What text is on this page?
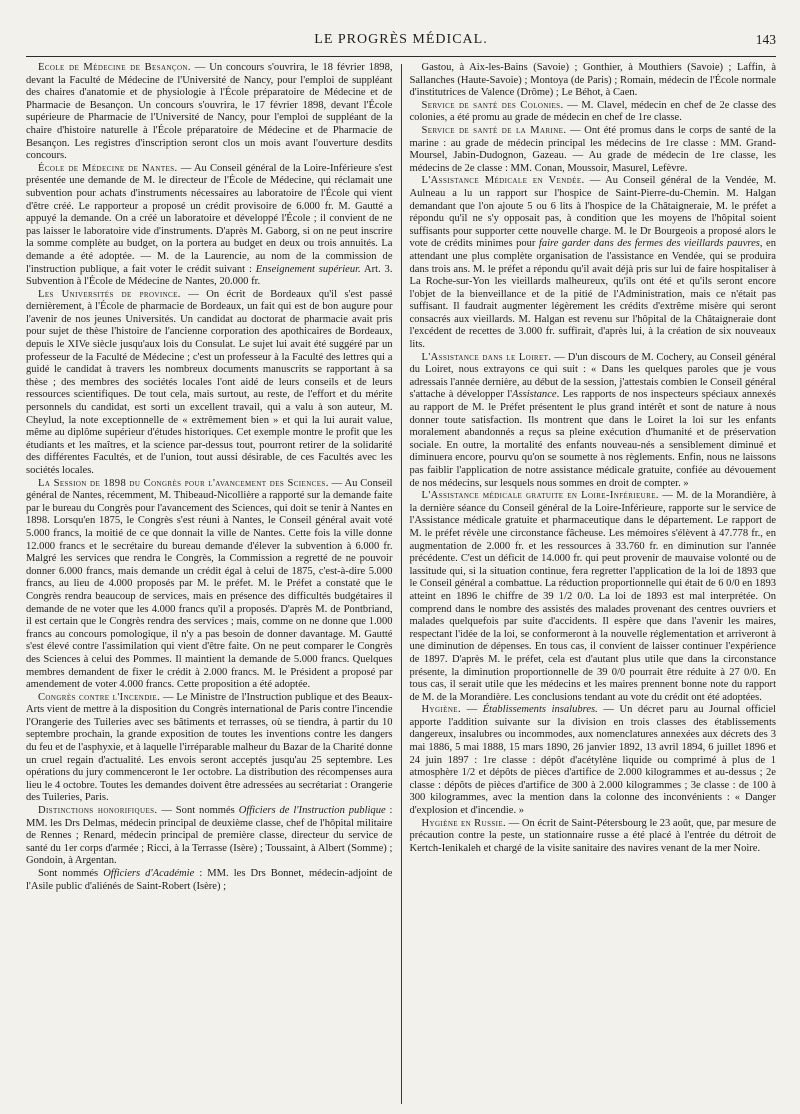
LE PROGRÈS MÉDICAL.	143

École de Médecine de Besançon. — Un concours s'ouvrira, le 18 février 1898, devant la Faculté de Médecine de l'Université de Nancy, pour l'emploi de suppléant des chaires d'anatomie et de physiologie à l'École préparatoire de Médecine et de Pharmacie de Besançon. Un concours s'ouvrira, le 17 février 1898, devant l'École supérieure de Pharmacie de l'Université de Nancy, pour l'emploi de suppléant de la chaire d'histoire naturelle à l'École préparatoire de Médecine et de Pharmacie de Besançon. Les registres d'inscription seront clos un mois avant l'ouverture desdits concours.

École de Médecine de Nantes. — Au Conseil général de la Loire-Inférieure s'est présentée une demande de M. le directeur de l'École de Médecine, qui réclamait une subvention pour achats d'instruments nécessaires au laboratoire de l'École qui vient d'être créé. Le rapporteur a proposé un crédit provisoire de 6.000 fr. M. Gautté a appuyé la demande. On a créé un laboratoire et développé l'École ; il convient de ne pas laisser le laboratoire vide d'instruments. D'après M. Gaborg, si on ne peut inscrire la somme complète au budget, on la portera au budget en deux ou trois annuités. La demande a été adoptée. — M. de la Laurencie, au nom de la commission de l'instruction publique, a fait voter le crédit suivant : Enseignement supérieur. Art. 3. Subvention à l'École de Médecine de Nantes, 20.000 fr.

Les Universités de province. — On écrit de Bordeaux qu'il s'est passé dernièrement, à l'École de pharmacie de Bordeaux, un fait qui est de bon augure pour l'avenir de nos jeunes Universités. Un candidat au doctorat de pharmacie avait pris pour sujet de thèse l'histoire de l'ancienne corporation des apothicaires de Bordeaux, depuis le XIVe siècle jusqu'aux lois du Consulat. Le sujet lui avait été suggéré par un professeur de la Faculté de Médecine ; c'est un professeur à la Faculté des lettres qui a guidé le candidat à travers les nombreux documents manuscrits se rapportant à sa thèse ; des membres des sociétés locales l'ont aidé de leurs conseils et de leurs ressources scientifiques. De tout cela, mais surtout, au reste, de l'effort et du mérite personnels du candidat, est sorti un excellent travail, qui a valu à son auteur, M. Cheylud, la note exceptionnelle de « extrêmement bien » et qui la lui aurait value, même au diplôme supérieur d'études historiques. Cet exemple montre le profit que les étudiants et les maîtres, et la science par-dessus tout, pourront retirer de la solidarité des différentes Facultés, et de l'union, tout aussi désirable, de ces Facultés avec les sociétés locales.

La Session de 1898 du Congrès pour l'avancement des Sciences. — Au Conseil général de Nantes, récemment, M. Thibeaud-Nicollière a rapporté sur la demande faite par le bureau du Congrès pour l'avancement des Sciences, qui doit se tenir à Nantes en 1898. Lorsqu'en 1875, le Congrès s'est réuni à Nantes, le Conseil général avait voté 5.000 francs, la moitié de ce que donnait la ville de Nantes. Cette fois la ville donne 12.000 francs et le secrétaire du bureau demande d'élever la subvention à 6.000 fr. Malgré les services que rendra le Congrès, la Commission a regretté de ne pouvoir donner 6.000 francs, mais demande un crédit égal à celui de 1875, c'est-à-dire 5.000 francs, au lieu de 4.000 proposés par M. le préfet. M. le Préfet a constaté que le Congrès rendra beaucoup de services, mais en présence des difficultés budgétaires il demande de ne voter que les 4.000 francs qu'il a proposés. D'après M. de Pontbriand, il est certain que le Congrès rendra des services ; mais, comme on ne donne que 1.000 francs au concours pomologique, il n'y a pas besoin de donner davantage. M. Gautté s'est élevé contre l'assimilation qui vient d'être faite. On ne peut comparer le Congrès des Sciences à celui des Pommes. Il maintient la demande de 5.000 francs. Quelques membres demandent de fixer le crédit à 2.000 francs. M. le Président a proposé par amendement de voter 4.000 francs. Cette proposition a été adoptée.

Congrès contre l'Incendie. — Le Ministre de l'Instruction publique et des Beaux-Arts vient de mettre à la disposition du Congrès international de Paris contre l'incendie l'Orangerie des Tuileries avec ses bâtiments et terrasses, où se tiendra, à partir du 10 septembre prochain, la grande exposition de toutes les inventions contre les dangers du feu et de l'asphyxie, et à laquelle l'irréparable malheur du Bazar de la Charité donne un cruel regain d'actualité. Les envois seront acceptés jusqu'au 25 septembre. Les opérations du jury commenceront le 1er octobre. La distribution des récompenses aura lieu le 4 octobre. Toutes les demandes doivent être adressées au secrétariat : Orangerie des Tuileries, Paris.

Distinctions honorifiques. — Sont nommés Officiers de l'Instruction publique : MM. les Drs Delmas, médecin principal de deuxième classe, chef de l'hôpital militaire de Rennes ; Renard, médecin principal de première classe, directeur du service de santé du 1er corps d'armée ; Ricci, à la Terrasse (Isère) ; Toussaint, à Albert (Somme) ; Gondoin, à Argentan.

Sont nommés Officiers d'Académie : MM. les Drs Bonnet, médecin-adjoint de l'Asile public d'aliénés de Saint-Robert (Isère) ;

Gastou, à Aix-les-Bains (Savoie) ; Gonthier, à Mouthiers (Savoie) ; Laffin, à Sallanches (Haute-Savoie) ; Montoya (de Paris) ; Romain, médecin de l'École normale d'institutrices de Valence (Drôme) ; Le Béhot, à Caen.

Service de santé des Colonies. — M. Clavel, médecin en chef de 2e classe des colonies, a été promu au grade de médecin en chef de 1re classe.

Service de santé de la Marine. — Ont été promus dans le corps de santé de la marine : au grade de médecin principal les médecins de 1re classe : MM. Grand-Moursel, Jabin-Dudognon, Gazeau. — Au grade de médecin de 1re classe, les médecins de 2e classe : MM. Conan, Moussoir, Masurel, Lefèvre.

L'Assistance Médicale en Vendée. — Au Conseil général de la Vendée, M. Aulneau a lu un rapport sur l'hospice de Saint-Pierre-du-Chemin. M. Halgan demandant que l'on ajoute 5 ou 6 lits à l'hospice de la Châtaigneraie, M. le préfet a répondu qu'il ne s'y opposait pas, à condition que les moyens de l'hôpital soient suffisants pour supporter cette nouvelle charge. M. le Dr Bourgeois a proposé alors le vote de crédits minimes pour faire garder dans des fermes des vieillards pauvres, en attendant une plus complète organisation de l'assistance en Vendée, qui se produira dans trois ans. M. le préfet a répondu qu'il avait déjà pris sur lui de faire hospitaliser à La Roche-sur-Yon les vieillards malheureux, qu'ils ont été et qu'ils seront encore l'objet de la bienveillance et de la pitié de l'Administration, mais ce n'était pas suffisant. Il faudrait augmenter légèrement les crédits d'extrême misère qui seront consacrés aux vieillards. M. Halgan est revenu sur l'hôpital de la Châtaigneraie dont l'excédent de recettes de 3.000 fr. suffirait, d'après lui, à la création de six nouveaux lits.

L'Assistance dans le Loiret. — D'un discours de M. Cochery, au Conseil général du Loiret, nous extrayons ce qui suit : « Dans les quelques paroles que je vous adressais l'année dernière, au début de la session, j'attestais combien le Conseil général s'attache à développer l'Assistance. Les rapports de nos inspecteurs spéciaux annexés au rapport de M. le Préfet présentent le plus grand intérêt et sont de nature à nous donner toute satisfaction. Ils montrent que dans le Loiret la loi sur les enfants moralement abandonnés a reçus sa pleine exécution d'humanité et de préservation sociale. En outre, la mortalité des enfants nouveau-nés a sensiblement diminué et diminuera encore, pourvu qu'on se soumette à nos règlements. Enfin, nous ne laissons pas faiblir l'application de notre assistance médicale gratuite, confiée au dévouement de nos médecins, sur lesquels nous sommes en droit de compter. »

L'Assistance médicale gratuite en Loire-Inférieure. — M. de la Morandière, à la dernière séance du Conseil général de la Loire-Inférieure, rapporte sur le service de l'Assistance médicale gratuite et pharmaceutique dans le département. Le rapport de M. le préfet révèle une circonstance fâcheuse. Les mémoires s'élèvent à 47.778 fr., en augmentation de 2.000 fr. et les ressources à 33.760 fr. en diminution sur l'année précédente. C'est un déficit de 14.000 fr. qui peut provenir de mauvaise volonté ou de lassitude qui, si la situation continue, fera regretter l'application de la loi de 1893 que le Conseil général a combattue. La réduction proportionnelle qui était de 6 0/0 en 1893 atteint en 1896 le chiffre de 39 1/2 0/0. La loi de 1893 est mal interprétée. On comprend dans le nombre des assistés des malades provenant des centres ouvriers et malades quelquefois par suite d'accidents. Il espère que dans l'avenir les maires, respectant l'idée de la loi, se conformeront à la nouvelle réglementation et arriveront à une diminution de dépenses. En tous cas, il convient de laisser continuer l'expérience de 1897. D'après M. le préfet, cela est d'autant plus utile que dans la circonstance présente, la diminution proportionnelle de 39 0/0 pourrait être réduite à 27 0/0. En tous cas, il serait utile que les médecins et les maires prennent bonne note du rapport de M. de la Morandière. Les conclusions tendant au vote du crédit ont été adoptées.

Hygiène. — Établissements insalubres. — Un décret paru au Journal officiel apporte l'addition suivante sur la division en trois classes des établissements dangereux, insalubres ou incommodes, aux nomenclatures annexées aux décrets des 3 mai 1886, 5 mai 1888, 15 mars 1890, 26 janvier 1892, 13 avril 1894, 6 juillet 1896 et 24 juin 1897 : 1re classe : dépôt d'acétylène liquide ou comprimé à plus de 1 atmosphère 1/2 et dépôts de pièces d'artifice de 2.000 kilogrammes et au-dessus ; 2e classe : dépôts de pièces d'artifice de 300 à 2.000 kilogrammes ; 3e classe : de 100 à 300 kilogrammes, avec la mention dans la colonne des inconvénients : « Danger d'explosion et d'incendie. »

Hygiène en Russie. — On écrit de Saint-Pétersbourg le 23 août, que, par mesure de précaution contre la peste, un stationnaire russe a été placé à l'entrée du détroit de Kertch-Ienikaleh et chargé de la visite sanitaire des navires venant de la mer Noire.
